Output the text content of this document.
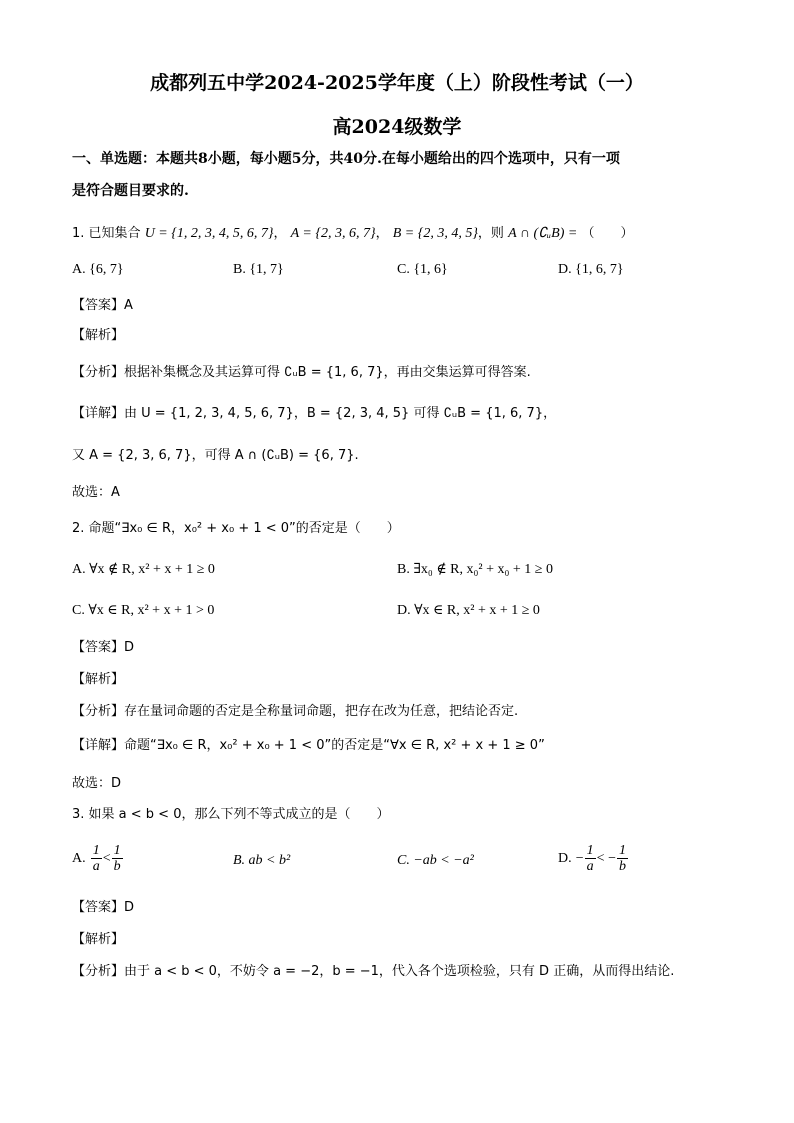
成都列五中学2024-2025学年度（上）阶段性考试（一）
高2024级数学
一、单选题：本题共8小题，每小题5分，共40分.在每小题给出的四个选项中，只有一项
是符合题目要求的.
1. 已知集合 U = {1, 2, 3, 4, 5, 6, 7}， A = {2, 3, 6, 7}， B = {2, 3, 4, 5}，则 A ∩ (∁ᵤB) = （　　）
A. {6, 7}	B. {1, 7}	C. {1, 6}	D. {1, 6, 7}
【答案】A
【解析】
【分析】根据补集概念及其运算可得 ∁ᵤB = {1, 6, 7}，再由交集运算可得答案.
【详解】由 U = {1, 2, 3, 4, 5, 6, 7}，B = {2, 3, 4, 5} 可得 ∁ᵤB = {1, 6, 7}，
又 A = {2, 3, 6, 7}，可得 A ∩ (∁ᵤB) = {6, 7}.
故选：A
2. 命题“∃x₀ ∈ R，x₀² + x₀ + 1 < 0”的否定是（　　）
A. ∀x ∉ R, x² + x + 1 ≥ 0	B. ∃x₀ ∉ R, x₀² + x₀ + 1 ≥ 0
C. ∀x ∈ R, x² + x + 1 > 0	D. ∀x ∈ R, x² + x + 1 ≥ 0
【答案】D
【解析】
【分析】存在量词命题的否定是全称量词命题，把存在改为任意，把结论否定.
【详解】命题“∃x₀ ∈ R，x₀² + x₀ + 1 < 0”的否定是“∀x ∈ R, x² + x + 1 ≥ 0”
故选：D
3. 如果 a < b < 0，那么下列不等式成立的是（　　）
A. $\frac{1}{a} < \frac{1}{b}$	B. ab < b²	C. −ab < −a²	D. − $\frac{1}{a}$ < − $\frac{1}{b}$
【答案】D
【解析】
【分析】由于 a < b < 0，不妨令 a = −2，b = −1，代入各个选项检验，只有 D 正确，从而得出结论.
